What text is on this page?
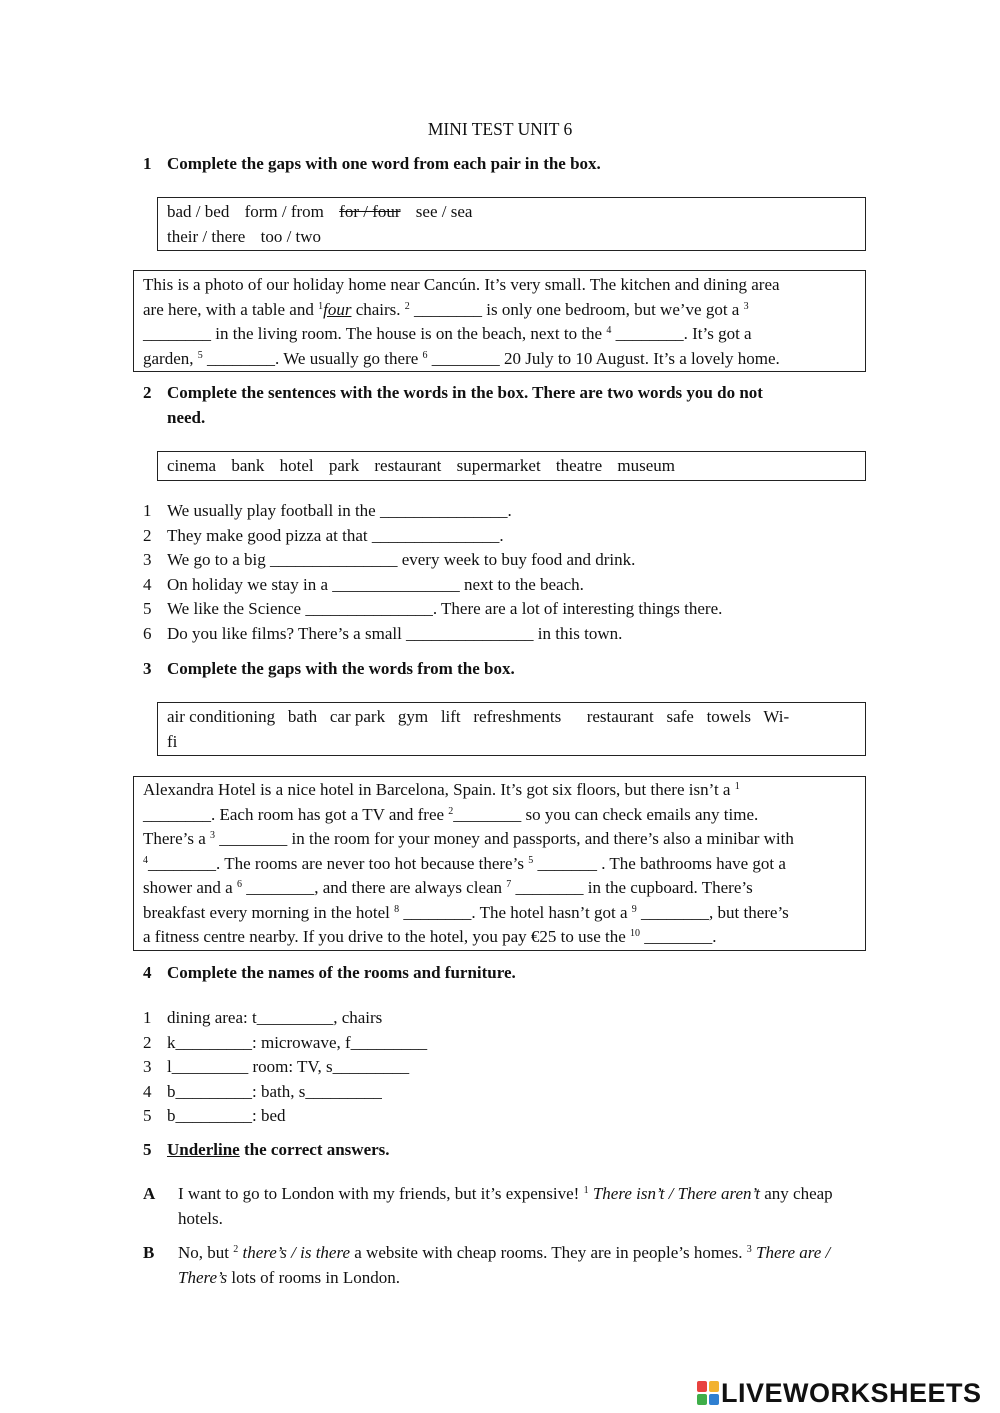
MINI TEST UNIT 6
1 Complete the gaps with one word from each pair in the box.
bad / bed form / from for / four see / sea
their / there too / two
This is a photo of our holiday home near Cancún. It’s very small. The kitchen and dining area
are here, with a table and $^1$four chairs. $^2$ ________ is only one bedroom, but we’ve got a $^3$
________ in the living room. The house is on the beach, next to the $^4$ ________. It’s got a
garden, $^5$ ________. We usually go there $^6$ ________ 20 July to 10 August. It’s a lovely home.
2 Complete the sentences with the words in the box. There are two words you do not
need.
cinema bank hotel park restaurant supermarket theatre museum
1 We usually play football in the _______________.
2 They make good pizza at that _______________.
3 We go to a big _______________ every week to buy food and drink.
4 On holiday we stay in a _______________ next to the beach.
5 We like the Science _______________. There are a lot of interesting things there.
6 Do you like films? There’s a small _______________ in this town.
3 Complete the gaps with the words from the box.
air conditioning   bath   car park   gym   lift   refreshments      restaurant   safe   towels   Wi-
fi
Alexandra Hotel is a nice hotel in Barcelona, Spain. It’s got six floors, but there isn’t a $^1$
________. Each room has got a TV and free $^2$________ so you can check emails any time.
There’s a $^3$ ________ in the room for your money and passports, and there’s also a minibar with
$^4$________. The rooms are never too hot because there’s $^5$ _______ . The bathrooms have got a
shower and a $^6$ ________, and there are always clean $^7$ ________ in the cupboard. There’s
breakfast every morning in the hotel $^8$ ________. The hotel hasn’t got a $^9$ ________, but there’s
a fitness centre nearby. If you drive to the hotel, you pay €25 to use the $^{10}$ ________.
4 Complete the names of the rooms and furniture.
1 dining area: t_________, chairs
2 k_________: microwave, f_________
3 l_________ room: TV, s_________
4 b_________: bath, s_________
5 b_________: bed
5 Underline the correct answers.
A I want to go to London with my friends, but it’s expensive! $^1$ There isn’t / There aren’t any cheap hotels.
B No, but $^2$ there’s / is there a website with cheap rooms. They are in people’s homes. $^3$ There are / There’s lots of rooms in London.
LIVEWORKSHEETS
